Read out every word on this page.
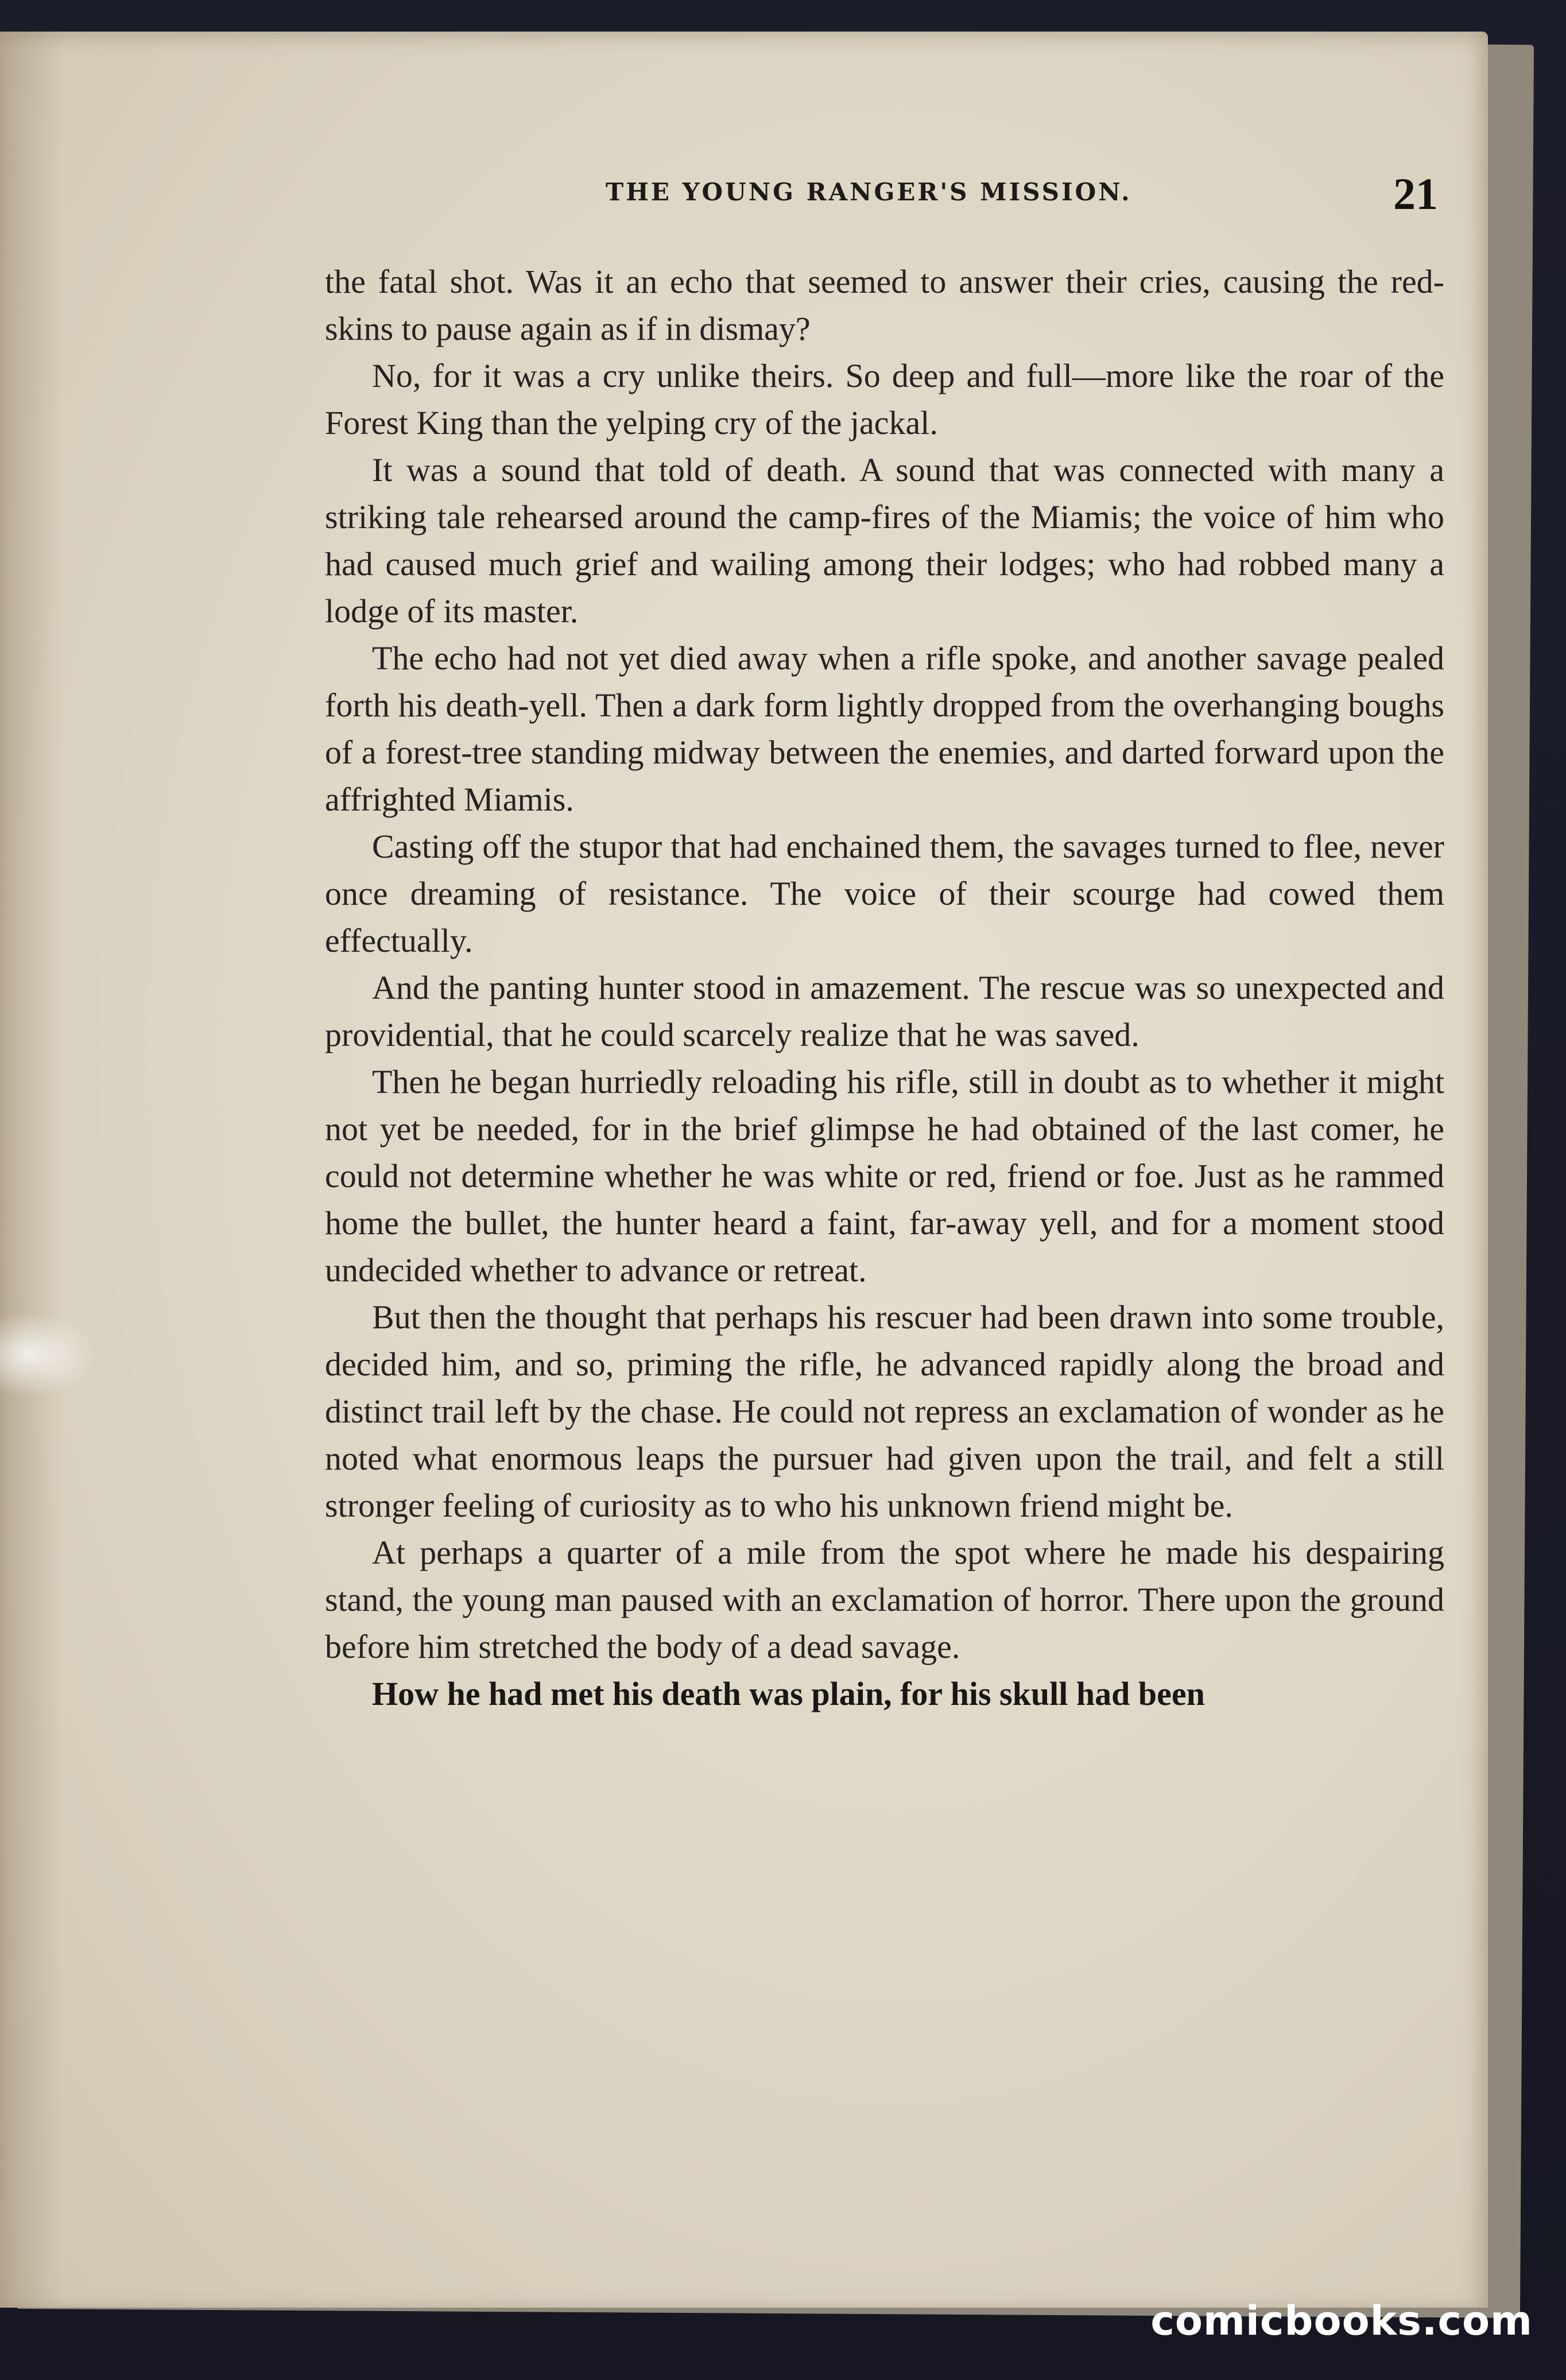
THE YOUNG RANGER'S MISSION.	21

the fatal shot. Was it an echo that seemed to answer their cries, causing the red-skins to pause again as if in dismay?

No, for it was a cry unlike theirs. So deep and full—more like the roar of the Forest King than the yelping cry of the jackal.

It was a sound that told of death. A sound that was connected with many a striking tale rehearsed around the camp-fires of the Miamis; the voice of him who had caused much grief and wailing among their lodges; who had robbed many a lodge of its master.

The echo had not yet died away when a rifle spoke, and another savage pealed forth his death-yell. Then a dark form lightly dropped from the overhanging boughs of a forest-tree standing midway between the enemies, and darted forward upon the affrighted Miamis.

Casting off the stupor that had enchained them, the savages turned to flee, never once dreaming of resistance. The voice of their scourge had cowed them effectually.

And the panting hunter stood in amazement. The rescue was so unexpected and providential, that he could scarcely realize that he was saved.

Then he began hurriedly reloading his rifle, still in doubt as to whether it might not yet be needed, for in the brief glimpse he had obtained of the last comer, he could not determine whether he was white or red, friend or foe. Just as he rammed home the bullet, the hunter heard a faint, far-away yell, and for a moment stood undecided whether to advance or retreat.

But then the thought that perhaps his rescuer had been drawn into some trouble, decided him, and so, priming the rifle, he advanced rapidly along the broad and distinct trail left by the chase. He could not repress an exclamation of wonder as he noted what enormous leaps the pursuer had given upon the trail, and felt a still stronger feeling of curiosity as to who his unknown friend might be.

At perhaps a quarter of a mile from the spot where he made his despairing stand, the young man paused with an exclamation of horror. There upon the ground before him stretched the body of a dead savage.

How he had met his death was plain, for his skull had been

comicbooks.com
